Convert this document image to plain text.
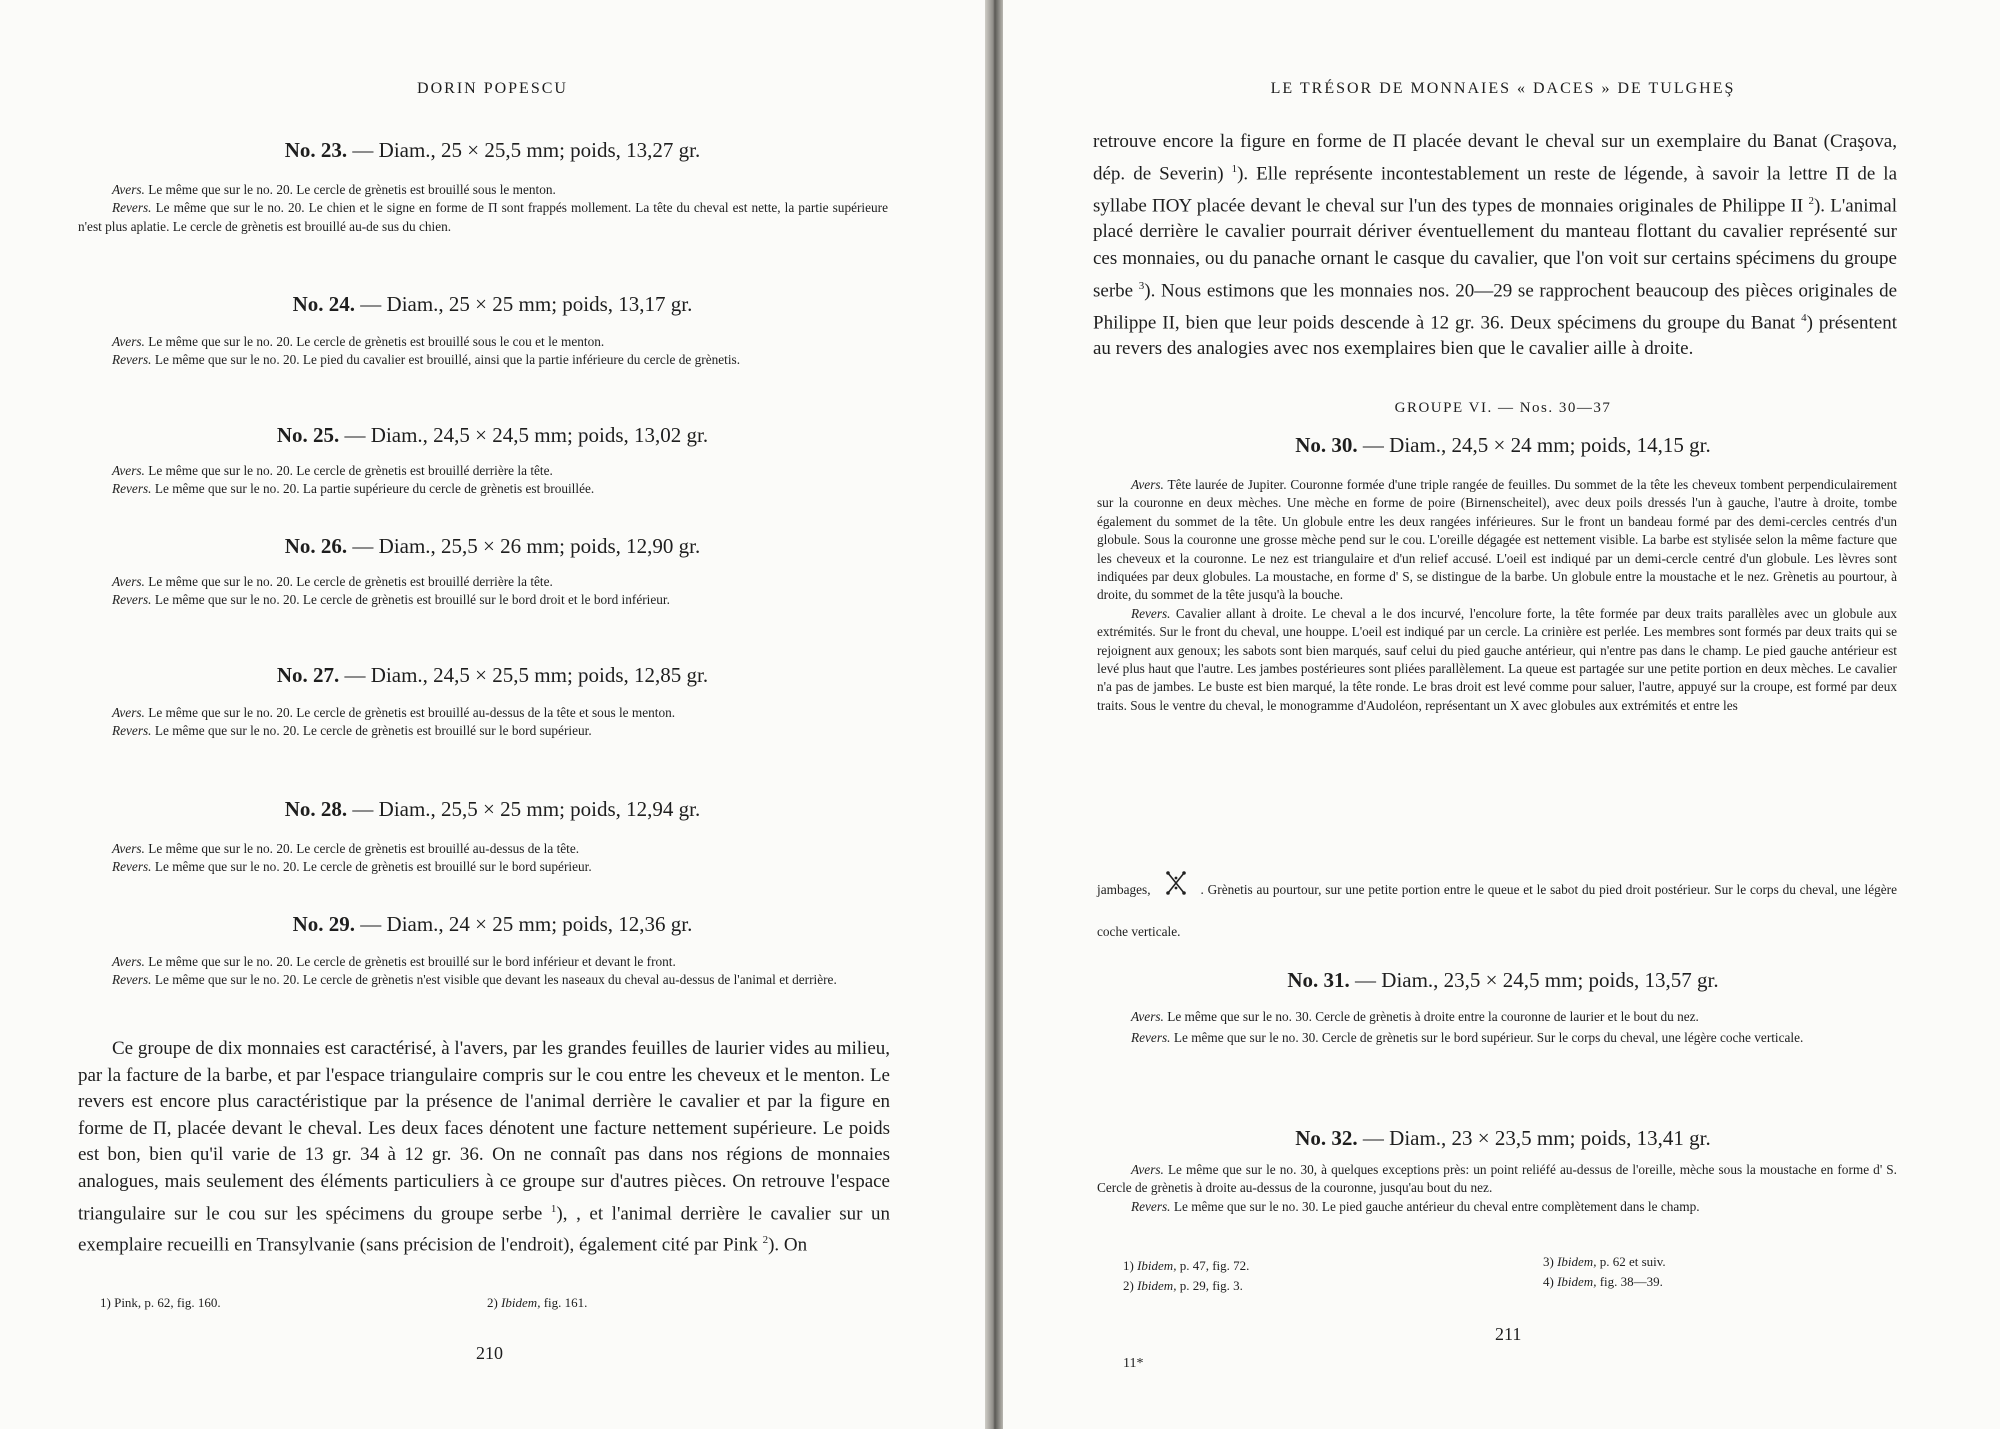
DORIN POPESCU
No. 23. — Diam., 25 × 25,5 mm; poids, 13,27 gr.

Avers. Le même que sur le no. 20. Le cercle de grènetis est brouillé sous le menton.

Revers. Le même que sur le no. 20. Le chien et le signe en forme de Π sont frappés mollement. La tête du cheval est nette, la partie supérieure n'est plus aplatie. Le cercle de grènetis est brouillé au-de sus du chien.

No. 24. — Diam., 25 × 25 mm; poids, 13,17 gr.

Avers. Le même que sur le no. 20. Le cercle de grènetis est brouillé sous le cou et le menton.

Revers. Le même que sur le no. 20. Le pied du cavalier est brouillé, ainsi que la partie inférieure du cercle de grènetis.

No. 25. — Diam., 24,5 × 24,5 mm; poids, 13,02 gr.

Avers. Le même que sur le no. 20. Le cercle de grènetis est brouillé derrière la tête.

Revers. Le même que sur le no. 20. La partie supérieure du cercle de grènetis est brouillée.

No. 26. — Diam., 25,5 × 26 mm; poids, 12,90 gr.

Avers. Le même que sur le no. 20. Le cercle de grènetis est brouillé derrière la tête.

Revers. Le même que sur le no. 20. Le cercle de grènetis est brouillé sur le bord droit et le bord inférieur.

No. 27. — Diam., 24,5 × 25,5 mm; poids, 12,85 gr.

Avers. Le même que sur le no. 20. Le cercle de grènetis est brouillé au-dessus de la tête et sous le menton.

Revers. Le même que sur le no. 20. Le cercle de grènetis est brouillé sur le bord supérieur.

No. 28. — Diam., 25,5 × 25 mm; poids, 12,94 gr.

Avers. Le même que sur le no. 20. Le cercle de grènetis est brouillé au-dessus de la tête.

Revers. Le même que sur le no. 20. Le cercle de grènetis est brouillé sur le bord supérieur.

No. 29. — Diam., 24 × 25 mm; poids, 12,36 gr.

Avers. Le même que sur le no. 20. Le cercle de grènetis est brouillé sur le bord inférieur et devant le front.

Revers. Le même que sur le no. 20. Le cercle de grènetis n'est visible que devant les naseaux du cheval au-dessus de l'animal et derrière.

Ce groupe de dix monnaies est caractérisé, à l'avers, par les grandes feuilles de laurier vides au milieu, par la facture de la barbe, et par l'espace triangulaire compris sur le cou entre les cheveux et le menton. Le revers est encore plus caractéristique par la présence de l'animal derrière le cavalier et par la figure en forme de Π, placée devant le cheval. Les deux faces dénotent une facture nettement supérieure. Le poids est bon, bien qu'il varie de 13 gr. 34 à 12 gr. 36. On ne connaît pas dans nos régions de monnaies analogues, mais seulement des éléments particuliers à ce groupe sur d'autres pièces. On retrouve l'espace triangulaire sur le cou sur les spécimens du groupe serbe $^1$), , et l'animal derrière le cavalier sur un exemplaire recueilli en Transylvanie (sans précision de l'endroit), également cité par Pink $^2$). On

1) Pink, p. 62, fig. 160.	2) Ibidem, fig. 161.
210
LE TRÉSOR DE MONNAIES « DACES » DE TULGHEŞ

retrouve encore la figure en forme de Π placée devant le cheval sur un exemplaire du Banat (Craşova, dép. de Severin) $^1$). Elle représente incontestablement un reste de légende, à savoir la lettre Π de la syllabe ΠΟΥ placée devant le cheval sur l'un des types de monnaies originales de Philippe II $^2$). L'animal placé derrière le cavalier pourrait dériver éventuellement du manteau flottant du cavalier représenté sur ces monnaies, ou du panache ornant le casque du cavalier, que l'on voit sur certains spécimens du groupe serbe $^3$). Nous estimons que les monnaies nos. 20—29 se rapprochent beaucoup des pièces originales de Philippe II, bien que leur poids descende à 12 gr. 36. Deux spécimens du groupe du Banat $^4$) présentent au revers des analogies avec nos exemplaires bien que le cavalier aille à droite.

GROUPE VI. — Nos. 30—37
No. 30. — Diam., 24,5 × 24 mm; poids, 14,15 gr.

Avers. Tête laurée de Jupiter. Couronne formée d'une triple rangée de feuilles. Du sommet de la tête les cheveux tombent perpendiculairement sur la couronne en deux mèches. Une mèche en forme de poire (Birnenscheitel), avec deux poils dressés l'un à gauche, l'autre à droite, tombe également du sommet de la tête. Un globule entre les deux rangées inférieures. Sur le front un bandeau formé par des demi-cercles centrés d'un globule. Sous la couronne une grosse mèche pend sur le cou. L'oreille dégagée est nettement visible. La barbe est stylisée selon la même facture que les cheveux et la couronne. Le nez est triangulaire et d'un relief accusé. L'oeil est indiqué par un demi-cercle centré d'un globule. Les lèvres sont indiquées par deux globules. La moustache, en forme d' S, se distingue de la barbe. Un globule entre la moustache et le nez. Grènetis au pourtour, à droite, du sommet de la tête jusqu'à la bouche.

Revers. Cavalier allant à droite. Le cheval a le dos incurvé, l'encolure forte, la tête formée par deux traits parallèles avec un globule aux extrémités. Sur le front du cheval, une houppe. L'oeil est indiqué par un cercle. La crinière est perlée. Les membres sont formés par deux traits qui se rejoignent aux genoux; les sabots sont bien marqués, sauf celui du pied gauche antérieur, qui n'entre pas dans le champ. Le pied gauche antérieur est levé plus haut que l'autre. Les jambes postérieures sont pliées parallèlement. La queue est partagée sur une petite portion en deux mèches. Le cavalier n'a pas de jambes. Le buste est bien marqué, la tête ronde. Le bras droit est levé comme pour saluer, l'autre, appuyé sur la croupe, est formé par deux traits. Sous le ventre du cheval, le monogramme d'Audoléon, représentant un X avec globules aux extrémités et entre les

jambages,	. Grènetis au pourtour, sur une petite portion entre le queue et le sabot du pied droit postérieur. Sur le corps du cheval, une légère coche verticale.

No. 31. — Diam., 23,5 × 24,5 mm; poids, 13,57 gr.

Avers. Le même que sur le no. 30. Cercle de grènetis à droite entre la couronne de laurier et le bout du nez.

Revers. Le même que sur le no. 30. Cercle de grènetis sur le bord supérieur. Sur le corps du cheval, une légère coche verticale.

No. 32. — Diam., 23 × 23,5 mm; poids, 13,41 gr.

Avers. Le même que sur le no. 30, à quelques exceptions près: un point reliéfé au-dessus de l'oreille, mèche sous la moustache en forme d' S. Cercle de grènetis à droite au-dessus de la couronne, jusqu'au bout du nez.

Revers. Le même que sur le no. 30. Le pied gauche antérieur du cheval entre complètement dans le champ.

1) Ibidem, p. 47, fig. 72.
2) Ibidem, p. 29, fig. 3.
3) Ibidem, p. 62 et suiv.
4) Ibidem, fig. 38—39.
211
11*
